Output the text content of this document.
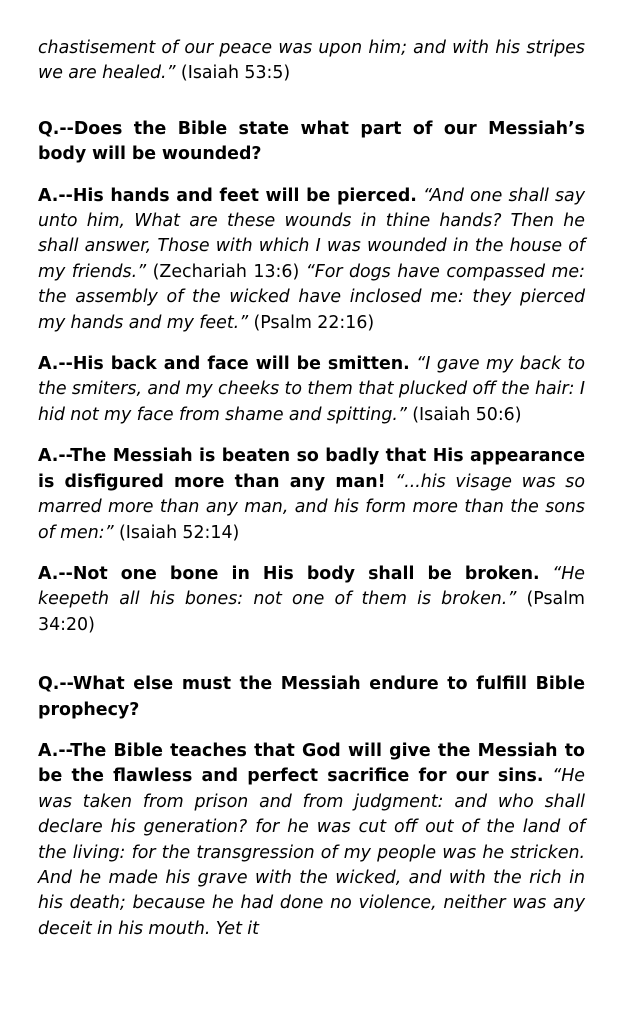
chastisement of our peace was upon him; and with his stripes we are healed.” (Isaiah 53:5)

Q.--Does the Bible state what part of our Messiah’s body will be wounded?

A.--His hands and feet will be pierced. “And one shall say unto him, What are these wounds in thine hands? Then he shall answer, Those with which I was wounded in the house of my friends.” (Zechariah 13:6) “For dogs have compassed me: the assembly of the wicked have inclosed me: they pierced my hands and my feet.” (Psalm 22:16)

A.--His back and face will be smitten. “I gave my back to the smiters, and my cheeks to them that plucked off the hair: I hid not my face from shame and spitting.” (Isaiah 50:6)

A.--The Messiah is beaten so badly that His appearance is disfigured more than any man! “...his visage was so marred more than any man, and his form more than the sons of men:” (Isaiah 52:14)

A.--Not one bone in His body shall be broken. “He keepeth all his bones: not one of them is broken.” (Psalm 34:20)

Q.--What else must the Messiah endure to fulfill Bible prophecy?

A.--The Bible teaches that God will give the Messiah to be the flawless and perfect sacrifice for our sins. “He was taken from prison and from judgment: and who shall declare his generation? for he was cut off out of the land of the living: for the transgression of my people was he stricken. And he made his grave with the wicked, and with the rich in his death; because he had done no violence, neither was any deceit in his mouth. Yet it
